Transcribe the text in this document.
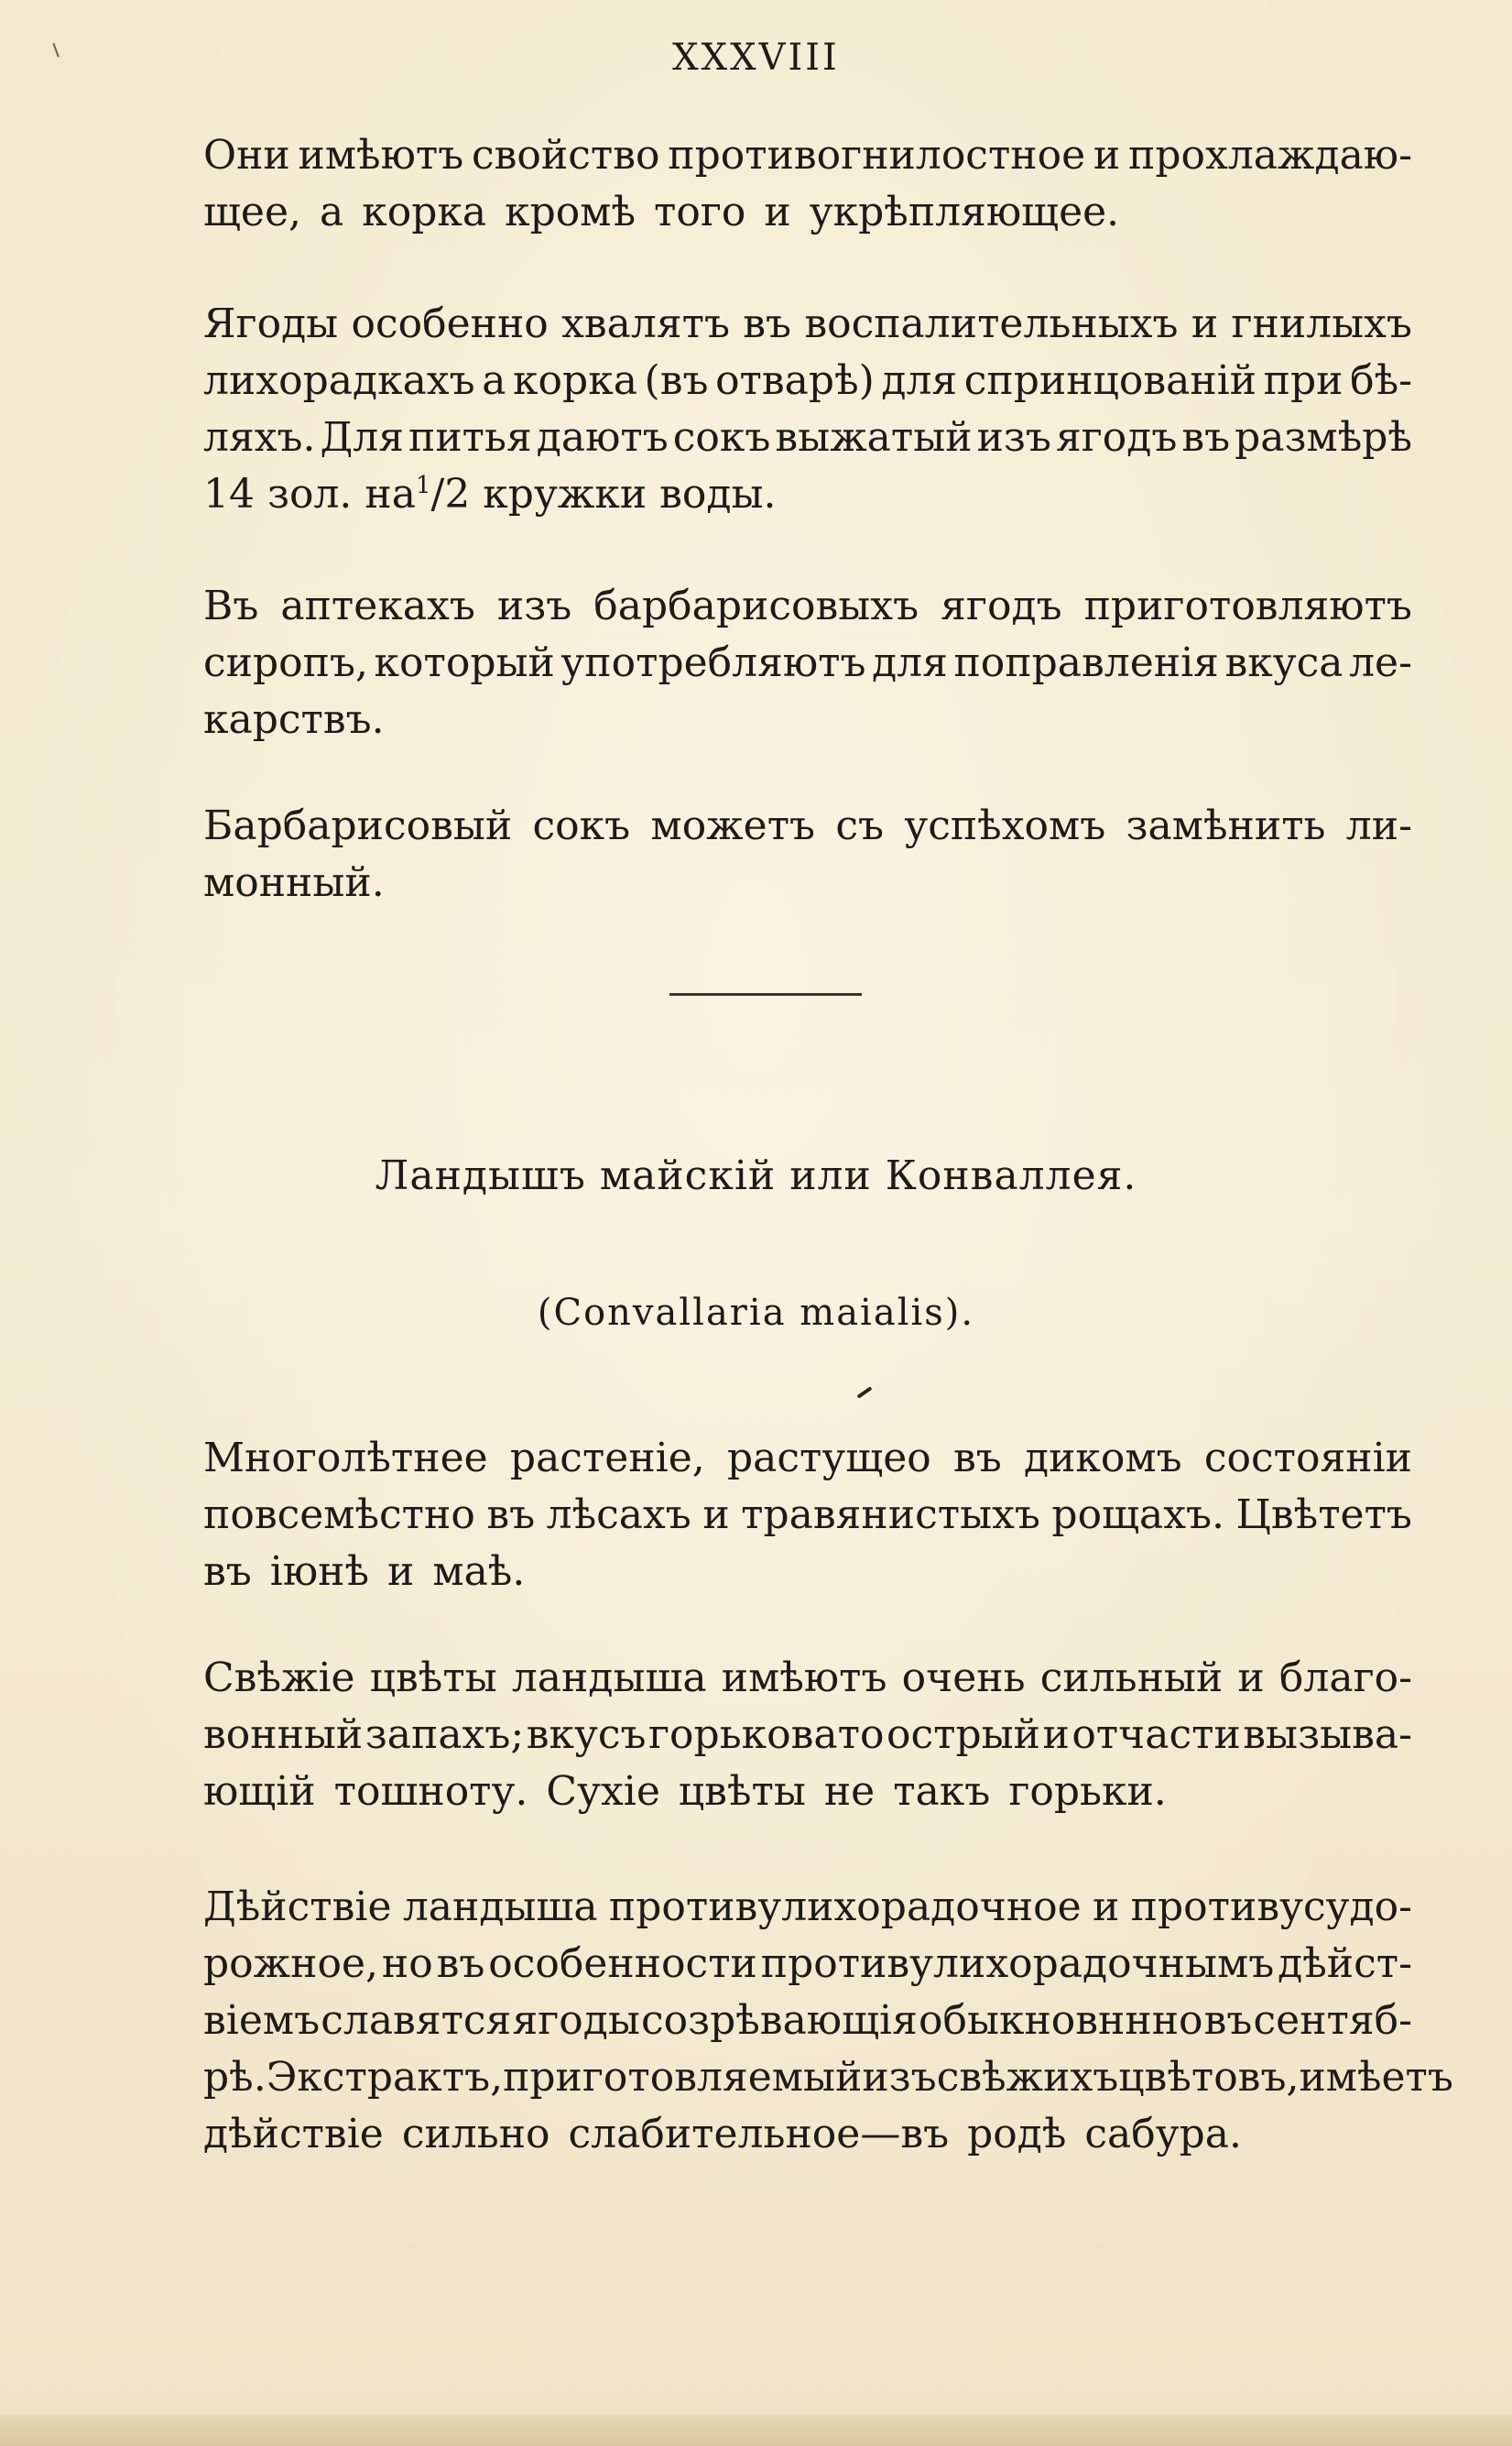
XXXVIII
Они имѣютъ свойство противогнилостное и прохлаждаю-
щее, а корка кромѣ того и укрѣпляющее.
Ягоды особенно хвалятъ въ воспалительныхъ и гнилыхъ
лихорадкахъ а корка (въ отварѣ) для спринцованій при бѣ-
ляхъ. Для питья даютъ сокъ выжатый изъ ягодъ въ размѣрѣ
14 зол. на1/2 кружки воды.
Въ аптекахъ изъ барбарисовыхъ ягодъ приготовляютъ
сиропъ, который употребляютъ для поправленія вкуса ле-
карствъ.
Барбарисовый сокъ можетъ съ успѣхомъ замѣнить ли-
монный.
Ландышъ майскій или Конваллея.
(Convallaria maialis).
Многолѣтнее растеніе, растущео въ дикомъ состояніи
повсемѣстно въ лѣсахъ и травянистыхъ рощахъ. Цвѣтетъ
въ іюнѣ и маѣ.
Свѣжіе цвѣты ландыша имѣютъ очень сильный и благо-
вонный запахъ; вкусъ горьковато острый и отчасти вызыва-
ющій тошноту. Сухіе цвѣты не такъ горьки.
Дѣйствіе ландыша противулихорадочное и противусудо-
рожное, но въ особенности противулихорадочнымъ дѣйст-
віемъ славятся ягоды созрѣвающія обыкновнннo въ сентяб-
рѣ. Экстрактъ, приготовляемый изъ свѣжихъ цвѣтовъ, имѣетъ
дѣйствіе сильно слабительное—въ родѣ сабура.
